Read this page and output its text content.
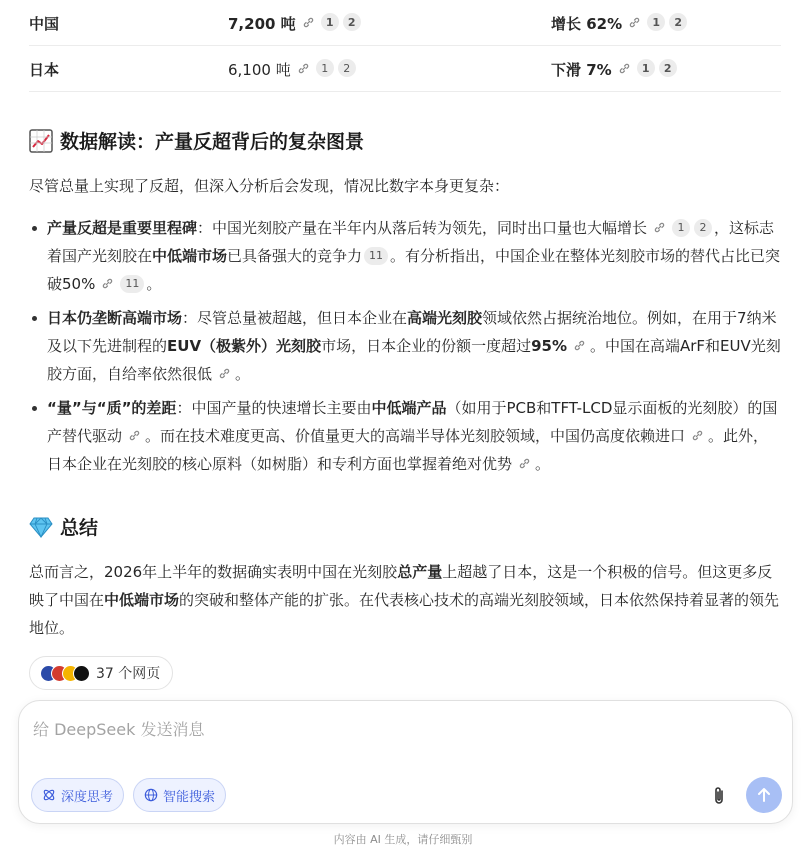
中国	7,200 吨	1	2	增长 62%	1	2
日本	6,100 吨	1	2	下滑 7%	1	2
数据解读：产量反超背后的复杂图景
尽管总量上实现了反超，但深入分析后会发现，情况比数字本身更复杂：
产量反超是重要里程碑：中国光刻胶产量在半年内从落后转为领先，同时出口量也大幅增长	1 2 ，这标志着国产光刻胶在中低端市场已具备强大的竞争力 11 。有分析指出，中国企业在整体光刻胶市场的替代占比已突破50%	11 。
日本仍垄断高端市场：尽管总量被超越，但日本企业在高端光刻胶领域依然占据统治地位。例如，在用于7纳米及以下先进制程的EUV（极紫外）光刻胶市场，日本企业的份额一度超过95% 。中国在高端ArF和EUV光刻胶方面，自给率依然很低 。
“量”与“质”的差距：中国产量的快速增长主要由中低端产品（如用于PCB和TFT-LCD显示面板的光刻胶）的国产替代驱动 。而在技术难度更高、价值量更大的高端半导体光刻胶领域，中国仍高度依赖进口 。此外，日本企业在光刻胶的核心原料（如树脂）和专利方面也掌握着绝对优势 。
总结
总而言之，2026年上半年的数据确实表明中国在光刻胶总产量上超越了日本，这是一个积极的信号。但这更多反映了中国在中低端市场的突破和整体产能的扩张。在代表核心技术的高端光刻胶领域，日本依然保持着显著的领先地位。
37 个网页
给 DeepSeek 发送消息
深度思考	智能搜索
内容由 AI 生成，请仔细甄别
